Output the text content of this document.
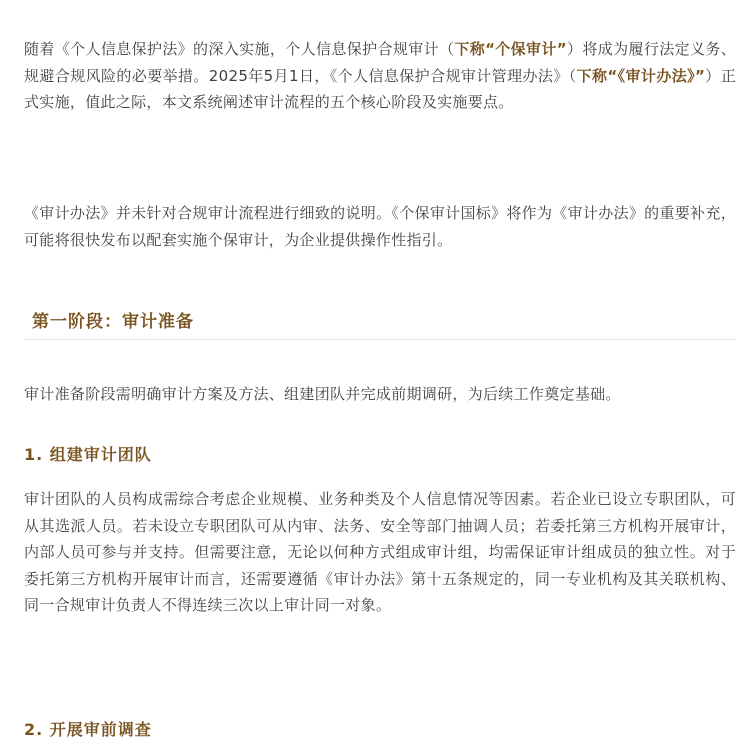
随着《个人信息保护法》的深入实施，个人信息保护合规审计（下称“个保审计”）将成为履行法定义务、规避合规风险的必要举措。2025年5月1日，《个人信息保护合规审计管理办法》（下称“《审计办法》”）正式实施，值此之际，本文系统阐述审计流程的五个核心阶段及实施要点。

《审计办法》并未针对合规审计流程进行细致的说明。《个保审计国标》将作为《审计办法》的重要补充，可能将很快发布以配套实施个保审计，为企业提供操作性指引。

第一阶段：审计准备

审计准备阶段需明确审计方案及方法、组建团队并完成前期调研，为后续工作奠定基础。

1. 组建审计团队

审计团队的人员构成需综合考虑企业规模、业务种类及个人信息情况等因素。若企业已设立专职团队，可从其选派人员。若未设立专职团队可从内审、法务、安全等部门抽调人员；若委托第三方机构开展审计，内部人员可参与并支持。但需要注意，无论以何种方式组成审计组，均需保证审计组成员的独立性。对于委托第三方机构开展审计而言，还需要遵循《审计办法》第十五条规定的，同一专业机构及其关联机构、同一合规审计负责人不得连续三次以上审计同一对象。

2. 开展审前调查
